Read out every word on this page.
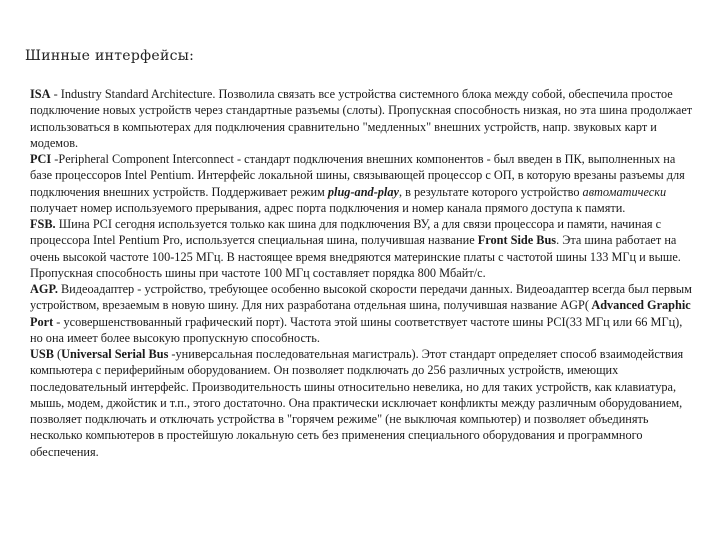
Шинные интерфейсы:

ISA - Industry Standard Architecture. Позволила связать все устройства системного блока между собой, обеспечила простое подключение новых устройств через стандартные разъемы (слоты). Пропускная способность низкая, но эта шина продолжает использоваться в компьютерах для подключения сравнительно "медленных" внешних устройств, напр. звуковых карт и модемов.

PCI -Peripheral Component Interconnect - стандарт подключения внешних компонентов - был введен в ПК, выполненных на базе процессоров Intel Pentium. Интерфейс локальной шины, связывающей процессор с ОП, в которую врезаны разъемы для подключения внешних устройств. Поддерживает режим plug-and-play, в результате которого устройство автоматически получает номер используемого прерывания, адрес порта подключения и номер канала прямого доступа к памяти.

FSB. Шина PCI сегодня используется только как шина для подключения ВУ, а для связи процессора и памяти, начиная с процессора Intel Pentium Pro, используется специальная шина, получившая название Front Side Bus. Эта шина работает на очень высокой частоте 100-125 МГц. В настоящее время внедряются материнские платы с частотой шины 133 МГц и выше. Пропускная способность шины при частоте 100 МГц составляет порядка 800 Мбайт/с.

AGP. Видеоадаптер - устройство, требующее особенно высокой скорости передачи данных. Видеоадаптер всегда был первым устройством, врезаемым в новую шину. Для них разработана отдельная шина, получившая название AGP( Advanced Graphic Port - усовершенствованный графический порт). Частота этой шины соответствует частоте шины PCI(33 МГц или 66 МГц), но она имеет более высокую пропускную способность.

USB (Universal Serial Bus -универсальная последовательная магистраль). Этот стандарт определяет способ взаимодействия компьютера с периферийным оборудованием. Он позволяет подключать до 256 различных устройств, имеющих последовательный интерфейс. Производительность шины относительно невелика, но для таких устройств, как клавиатура, мышь, модем, джойстик и т.п., этого достаточно. Она практически исключает конфликты между различным оборудованием, позволяет подключать и отключать устройства в "горячем режиме" (не выключая компьютер) и позволяет объединять несколько компьютеров в простейшую локальную сеть без применения специального оборудования и программного обеспечения.
